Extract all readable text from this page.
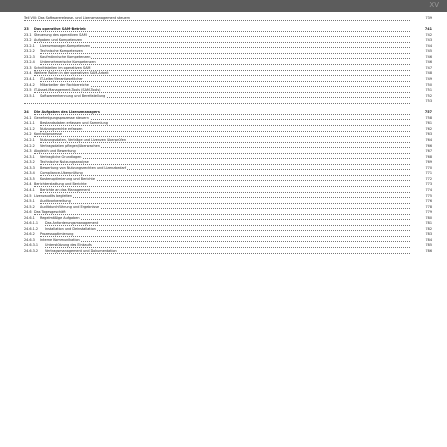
XV
Teil VIII: Das Softwarerelease- und Lizenzmanagement steuern	739
23 Das operative SAM-Betrieb	741
23.1 Steuerung des operativen SAM	742
23.2 Aufgaben und Kompetenzen	743
23.2.1 Lizenzmanager-Kompetenzen	744
23.2.2 Technische Kompetenzen	745
23.2.3 Kaufmännische Kompetenzen	746
23.2.4 Unternehmerische Kompetenzen	746
23.3 Schnittstellen im operativen SAM	747
23.4 Weitere Rollen in der operativen SAM-Arbeit	748
23.4.1 IT-Leiter/Verantwortlicher	749
23.4.2 Mitarbeiter der Fachbereiche	750
23.5 IT-Asset-Management-Tools (SAM-Tools)	751
23.5.1 Softwareerkennung und Bereitstellung	752
753
24 Die Aufgaben des Lizenzmanagers	757
24.1 Genehmigungsprozesse steuern	758
24.1.1 Bestandsdaten erfassen und Sammlung	761
24.1.2 Nutzungsrechte erfassen	762
24.2 Kontrollprozesse	763
24.2.1 Nutzungsdaten, Verträge und Lizenzen überprüfen	764
24.2.2 Vertragsdaten pflegen/überwachen	766
24.3 Abgleich und Bewertung	767
24.3.1 Vertragliche Grundlagen	768
24.3.2 Technische Nutzungsanalyse	769
24.3.3 Bewertung von Nutzungsrechten und Lizenzbedarf	770
24.3.4 Compliance-Überprüfung	771
24.3.5 Kostenoptimierung und Berichte	772
24.4 Berichterstattung und Berichte	773
24.4.1 Berichte an das Management	774
24.5 Lizenzaudits begleiten	775
24.5.1 Auditvorbereitung	776
24.5.2 Auditdurchführung und Ergebnisse	778
24.6 Das Tagesgeschäft	779
24.6.1 Regelmäßige Aufgaben	780
24.6.1.1 Das Anforderungsmanagement	781
24.6.1.2 Installation und Deinstallation	782
24.6.2 Prozessoptimierung	783
24.6.3 Interne Kommunikation	784
24.6.3.1 Unterstützung des Einkaufs	785
24.6.3.2 Vertragsmanagement und Dokumentation	786
